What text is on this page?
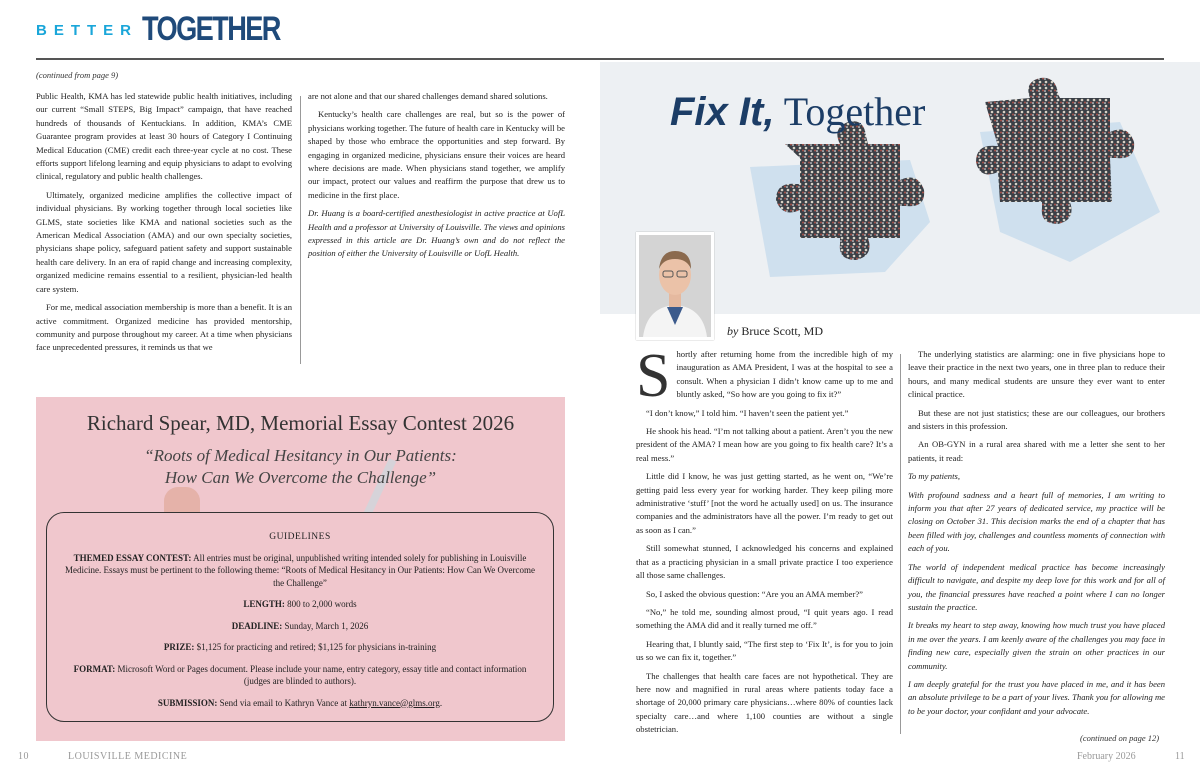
BETTER TOGETHER
(continued from page 9)

Public Health, KMA has led statewide public health initiatives, including our current “Small STEPS, Big Impact” campaign, that have reached hundreds of thousands of Kentuckians. In addition, KMA’s CME Guarantee program provides at least 30 hours of Category I Continuing Medical Education (CME) credit each three-year cycle at no cost. These efforts support lifelong learning and equip physicians to adapt to evolving clinical, regulatory and public health challenges.

Ultimately, organized medicine amplifies the collective impact of individual physicians. By working together through local societies like GLMS, state societies like KMA and national societies such as the American Medical Association (AMA) and our own specialty societies, physicians shape policy, safeguard patient safety and support sustainable health care delivery. In an era of rapid change and increasing complexity, organized medicine remains essential to a resilient, physician-led health care system.

For me, medical association membership is more than a benefit. It is an active commitment. Organized medicine has provided mentorship, community and purpose throughout my career. At a time when physicians face unprecedented pressures, it reminds us that we

are not alone and that our shared challenges demand shared solutions.

Kentucky’s health care challenges are real, but so is the power of physicians working together. The future of health care in Kentucky will be shaped by those who embrace the opportunities and step forward. By engaging in organized medicine, physicians ensure their voices are heard where decisions are made. When physicians stand together, we amplify our impact, protect our values and reaffirm the purpose that drew us to medicine in the first place.

Dr. Huang is a board-certified anesthesiologist in active practice at UofL Health and a professor at University of Louisville. The views and opinions expressed in this article are Dr. Huang’s own and do not reflect the position of either the University of Louisville or UofL Health.

Richard Spear, MD, Memorial Essay Contest 2026
“Roots of Medical Hesitancy in Our Patients:
How Can We Overcome the Challenge”
GUIDELINES

THEMED ESSAY CONTEST: All entries must be original, unpublished writing intended solely for publishing in Louisville Medicine. Essays must be pertinent to the following theme: “Roots of Medical Hesitancy in Our Patients: How Can We Overcome the Challenge”

LENGTH: 800 to 2,000 words

DEADLINE: Sunday, March 1, 2026

PRIZE: $1,125 for practicing and retired; $1,125 for physicians in-training

FORMAT: Microsoft Word or Pages document. Please include your name, entry category, essay title and contact information (judges are blinded to authors).

SUBMISSION: Send via email to Kathryn Vance at kathryn.vance@glms.org.

Fix It, Together
by Bruce Scott, MD

Shortly after returning home from the incredible high of my inauguration as AMA President, I was at the hospital to see a consult. When a physician I didn’t know came up to me and bluntly asked, “So how are you going to fix it?”

“I don’t know,” I told him. “I haven’t seen the patient yet.”

He shook his head. “I’m not talking about a patient. Aren’t you the new president of the AMA? I mean how are you going to fix health care? It’s a real mess.”

Little did I know, he was just getting started, as he went on, “We’re getting paid less every year for working harder. They keep piling more administrative ‘stuff’ [not the word he actually used] on us. The insurance companies and the administrators have all the power. I’m ready to get out as soon as I can.”

Still somewhat stunned, I acknowledged his concerns and explained that as a practicing physician in a small private practice I too experience all those same challenges.

So, I asked the obvious question: “Are you an AMA member?”

“No,” he told me, sounding almost proud, “I quit years ago. I read something the AMA did and it really turned me off.”

Hearing that, I bluntly said, “The first step to ‘Fix It’, is for you to join us so we can fix it, together.”

The challenges that health care faces are not hypothetical. They are here now and magnified in rural areas where patients today face a shortage of 20,000 primary care physicians…where 80% of counties lack specialty care…and where 1,100 counties are without a single obstetrician.

The underlying statistics are alarming: one in five physicians hope to leave their practice in the next two years, one in three plan to reduce their hours, and many medical students are unsure they ever want to enter clinical practice.

But these are not just statistics; these are our colleagues, our brothers and sisters in this profession.

An OB-GYN in a rural area shared with me a letter she sent to her patients, it read:

To my patients,

With profound sadness and a heart full of memories, I am writing to inform you that after 27 years of dedicated service, my practice will be closing on October 31. This decision marks the end of a chapter that has been filled with joy, challenges and countless moments of connection with each of you.

The world of independent medical practice has become increasingly difficult to navigate, and despite my deep love for this work and for all of you, the financial pressures have reached a point where I can no longer sustain the practice.

It breaks my heart to step away, knowing how much trust you have placed in me over the years. I am keenly aware of the challenges you may face in finding new care, especially given the strain on other practices in our community.

I am deeply grateful for the trust you have placed in me, and it has been an absolute privilege to be a part of your lives. Thank you for allowing me to be your doctor, your confidant and your advocate.

(continued on page 12)
10	LOUISVILLE MEDICINE	February 2026	11
